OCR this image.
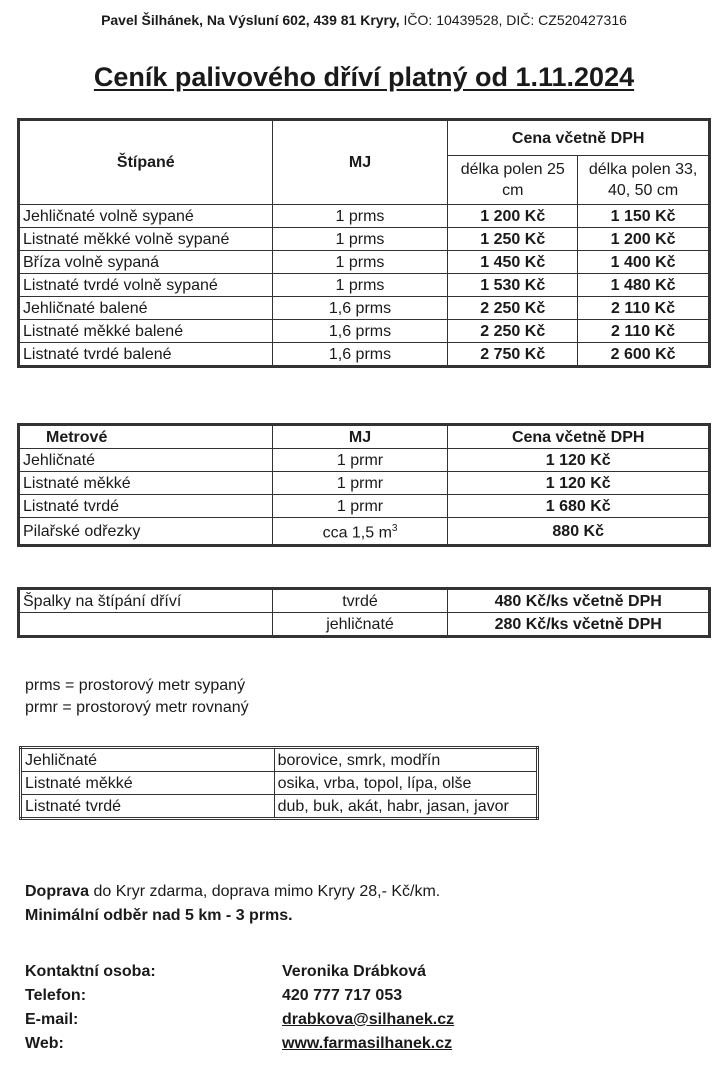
Pavel Šilhánek, Na Výsluní 602, 439 81 Kryry, IČO: 10439528, DIČ: CZ520427316
Ceník palivového dříví platný od 1.11.2024
Štípané	MJ	Cena včetně DPH	
		délka polen 25 cm	délka polen 33, 40, 50 cm
Jehličnaté volně sypané	1 prms	1 200 Kč	1 150 Kč
Listnaté měkké volně sypané	1 prms	1 250 Kč	1 200 Kč
Bříza volně sypaná	1 prms	1 450 Kč	1 400 Kč
Listnaté tvrdé volně sypané	1 prms	1 530 Kč	1 480 Kč
Jehličnaté balené	1,6 prms	2 250 Kč	2 110 Kč
Listnaté měkké balené	1,6 prms	2 250 Kč	2 110 Kč
Listnaté tvrdé balené	1,6 prms	2 750 Kč	2 600 Kč
Metrové	MJ	Cena včetně DPH
Jehličnaté	1 prmr	1 120 Kč
Listnaté měkké	1 prmr	1 120 Kč
Listnaté tvrdé	1 prmr	1 680 Kč
Pilařské odřezky	cca 1,5 $m^3$	880 Kč
Špalky na štípání dříví	tvrdé	480 Kč/ks včetně DPH
	jehličnaté	280 Kč/ks včetně DPH
prms = prostorový metr sypaný
prmr = prostorový metr rovnaný
Jehličnaté	borovice, smrk, modřín
Listnaté měkké	osika, vrba, topol, lípa, olše
Listnaté tvrdé	dub, buk, akát, habr, jasan, javor
Doprava do Kryr zdarma, doprava mimo Kryry 28,- Kč/km.
Minimální odběr nad 5 km - 3 prms.
Kontaktní osoba:	Veronika Drábková
Telefon:	420 777 717 053
E-mail:	drabkova@silhanek.cz
Web:	www.farmasilhanek.cz
